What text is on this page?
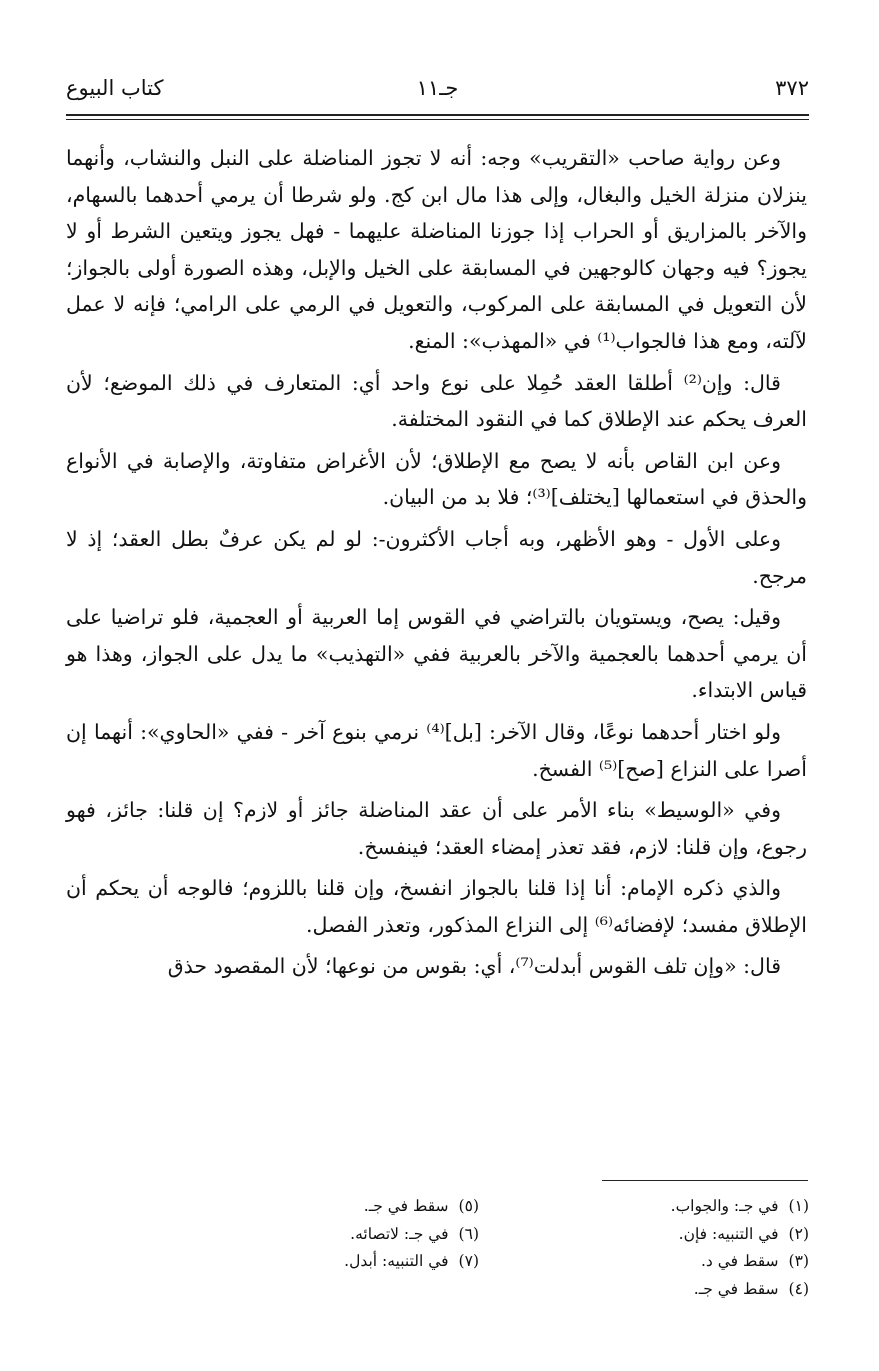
٣٧٢
جـ١١
كتاب البيوع

وعن رواية صاحب «التقريب» وجه: أنه لا تجوز المناضلة على النبل والنشاب، وأنهما ينزلان منزلة الخيل والبغال، وإلى هذا مال ابن كج. ولو شرطا أن يرمي أحدهما بالسهام، والآخر بالمزاريق أو الحراب إذا جوزنا المناضلة عليهما - فهل يجوز ويتعين الشرط أو لا يجوز؟ فيه وجهان كالوجهين في المسابقة على الخيل والإبل، وهذه الصورة أولى بالجواز؛ لأن التعويل في المسابقة على المركوب، والتعويل في الرمي على الرامي؛ فإنه لا عمل لآلته، ومع هذا فالجواب⁽¹⁾ في «المهذب»: المنع.

قال: وإن⁽²⁾ أطلقا العقد حُمِلا على نوع واحد أي: المتعارف في ذلك الموضع؛ لأن العرف يحكم عند الإطلاق كما في النقود المختلفة.

وعن ابن القاص بأنه لا يصح مع الإطلاق؛ لأن الأغراض متفاوتة، والإصابة في الأنواع والحذق في استعمالها [يختلف]⁽³⁾؛ فلا بد من البيان.

وعلى الأول - وهو الأظهر، وبه أجاب الأكثرون-: لو لم يكن عرفٌ بطل العقد؛ إذ لا مرجح.

وقيل: يصح، ويستويان بالتراضي في القوس إما العربية أو العجمية، فلو تراضيا على أن يرمي أحدهما بالعجمية والآخر بالعربية ففي «التهذيب» ما يدل على الجواز، وهذا هو قياس الابتداء.

ولو اختار أحدهما نوعًا، وقال الآخر: [بل]⁽⁴⁾ نرمي بنوع آخر - ففي «الحاوي»: أنهما إن أصرا على النزاع [صح]⁽⁵⁾ الفسخ.

وفي «الوسيط» بناء الأمر على أن عقد المناضلة جائز أو لازم؟ إن قلنا: جائز، فهو رجوع، وإن قلنا: لازم، فقد تعذر إمضاء العقد؛ فينفسخ.

والذي ذكره الإمام: أنا إذا قلنا بالجواز انفسخ، وإن قلنا باللزوم؛ فالوجه أن يحكم أن الإطلاق مفسد؛ لإفضائه⁽⁶⁾ إلى النزاع المذكور، وتعذر الفصل.

قال: «وإن تلف القوس أبدلت⁽⁷⁾، أي: بقوس من نوعها؛ لأن المقصود حذق

(١)في جـ: والجواب.
(٢)في التنبيه: فإن.
(٣)سقط في د.
(٤)سقط في جـ.
(٥)سقط في جـ.
(٦)في جـ: لاتصائه.
(٧)في التنبيه: أبدل.
